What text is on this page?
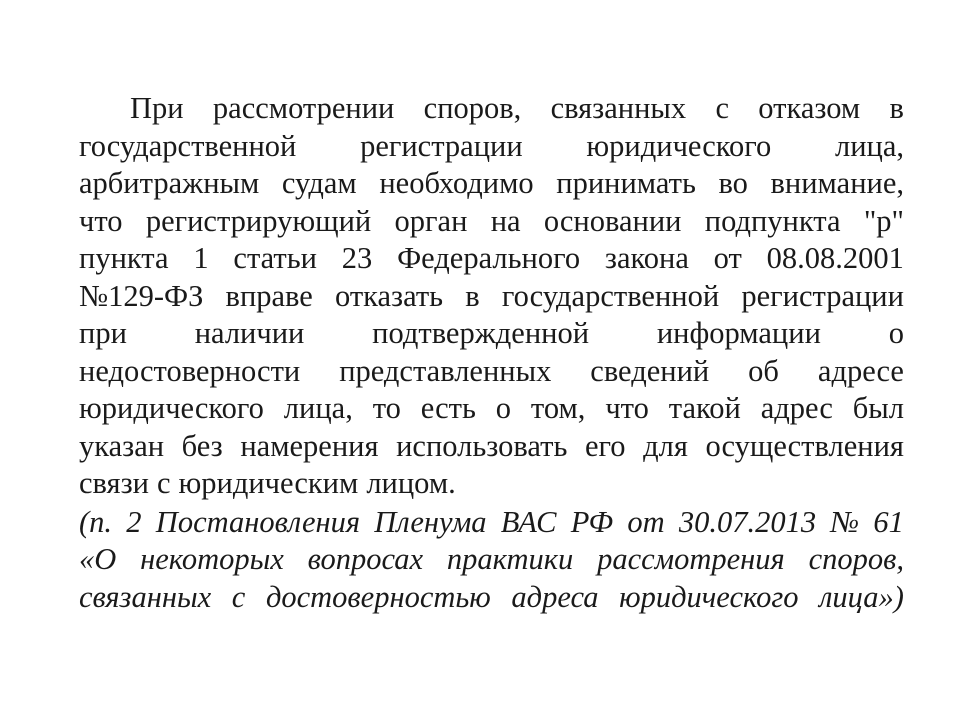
При рассмотрении споров, связанных с отказом в
государственной регистрации юридического лица,
арбитражным судам необходимо принимать во внимание,
что регистрирующий орган на основании подпункта "р"
пункта 1 статьи 23 Федерального закона от 08.08.2001
№129-ФЗ вправе отказать в государственной регистрации
при наличии подтвержденной информации о
недостоверности представленных сведений об адресе
юридического лица, то есть о том, что такой адрес был
указан без намерения использовать его для осуществления
связи с юридическим лицом.
(п. 2 Постановления Пленума ВАС РФ от 30.07.2013 № 61
«О некоторых вопросах практики рассмотрения споров,
связанных с достоверностью адреса юридического лица»)
